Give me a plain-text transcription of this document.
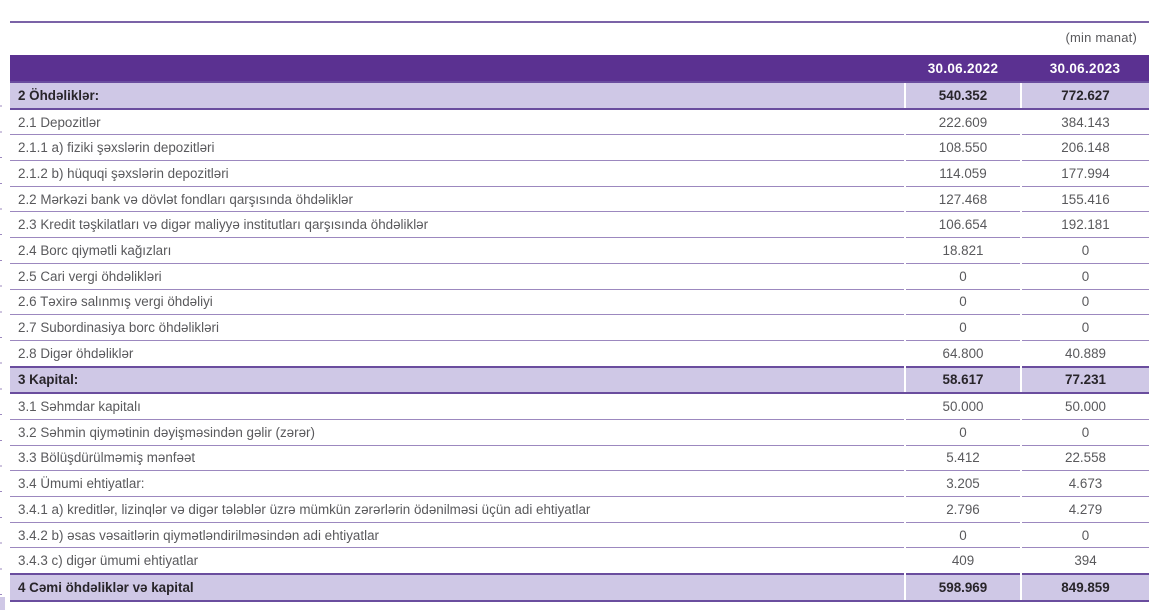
(min manat)
	30.06.2022	30.06.2023
2 Öhdəliklər:	540.352	772.627
2.1 Depozitlər	222.609	384.143
2.1.1 a) fiziki şəxslərin depozitləri	108.550	206.148
2.1.2 b) hüquqi şəxslərin depozitləri	114.059	177.994
2.2 Mərkəzi bank və dövlət fondları qarşısında öhdəliklər	127.468	155.416
2.3 Kredit təşkilatları və digər maliyyə institutları qarşısında öhdəliklər	106.654	192.181
2.4 Borc qiymətli kağızları	18.821	0
2.5 Cari vergi öhdəlikləri	0	0
2.6 Təxirə salınmış vergi öhdəliyi	0	0
2.7 Subordinasiya borc öhdəlikləri	0	0
2.8 Digər öhdəliklər	64.800	40.889
3 Kapital:	58.617	77.231
3.1 Səhmdar kapitalı	50.000	50.000
3.2 Səhmin qiymətinin dəyişməsindən gəlir (zərər)	0	0
3.3 Bölüşdürülməmiş mənfəət	5.412	22.558
3.4 Ümumi ehtiyatlar:	3.205	4.673
3.4.1 a) kreditlər, lizinqlər və digər tələblər üzrə mümkün zərərlərin ödənilməsi üçün adi ehtiyatlar	2.796	4.279
3.4.2 b) əsas vəsaitlərin qiymətləndirilməsindən adi ehtiyatlar	0	0
3.4.3 c) digər ümumi ehtiyatlar	409	394
4 Cəmi öhdəliklər və kapital	598.969	849.859
